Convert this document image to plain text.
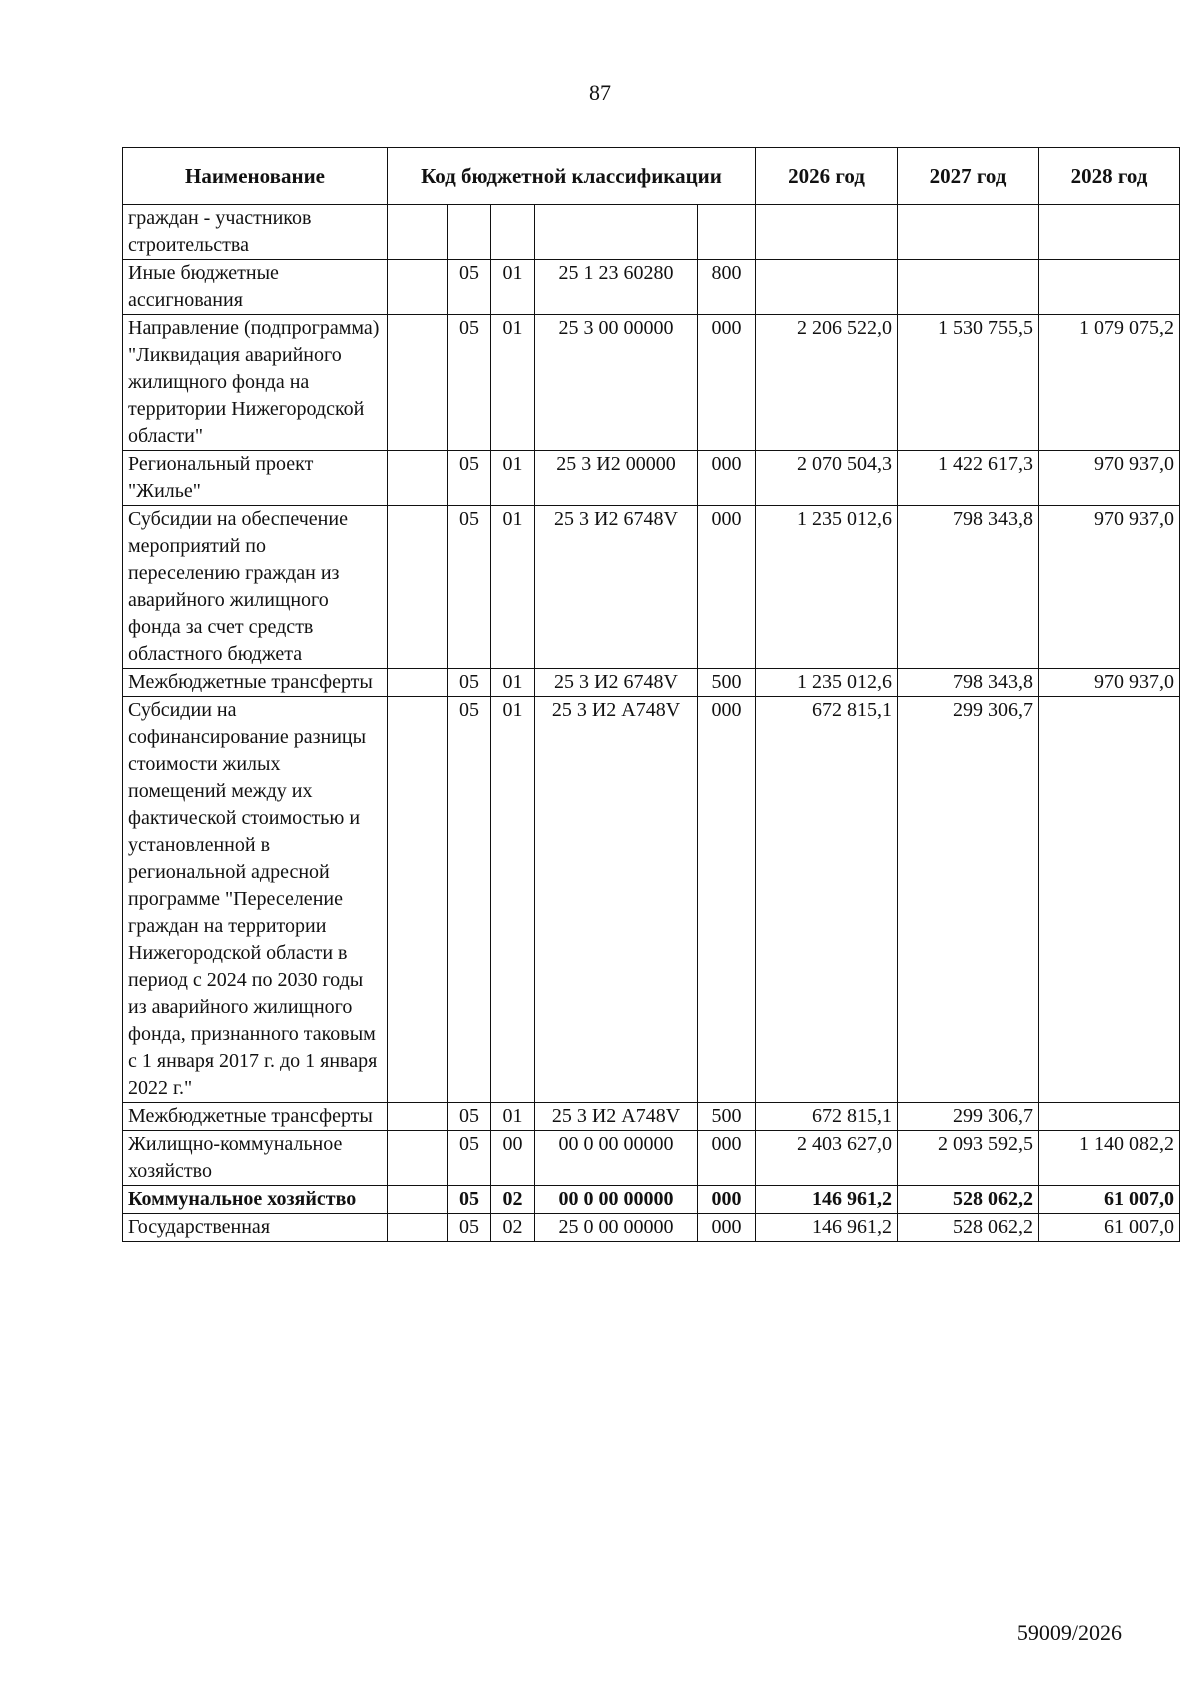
87
Наименование	Код бюджетной классификации					2026 год	2027 год	2028 год
граждан - участников строительства								
Иные бюджетные ассигнования		05	01	25 1 23 60280	800			
Направление (подпрограмма) "Ликвидация аварийного жилищного фонда на территории Нижегородской области"		05	01	25 3 00 00000	000	2 206 522,0	1 530 755,5	1 079 075,2
Региональный проект "Жилье"		05	01	25 3 И2 00000	000	2 070 504,3	1 422 617,3	970 937,0
Субсидии на обеспечение мероприятий по переселению граждан из аварийного жилищного фонда за счет средств областного бюджета		05	01	25 3 И2 6748V	000	1 235 012,6	798 343,8	970 937,0
Межбюджетные трансферты		05	01	25 3 И2 6748V	500	1 235 012,6	798 343,8	970 937,0
Субсидии на софинансирование разницы стоимости жилых помещений между их фактической стоимостью и установленной в региональной адресной программе "Переселение граждан на территории Нижегородской области в период с 2024 по 2030 годы из аварийного жилищного фонда, признанного таковым с 1 января 2017 г. до 1 января 2022 г."		05	01	25 3 И2 А748V	000	672 815,1	299 306,7	
Межбюджетные трансферты		05	01	25 3 И2 А748V	500	672 815,1	299 306,7	
Жилищно-коммунальное хозяйство		05	00	00 0 00 00000	000	2 403 627,0	2 093 592,5	1 140 082,2
Коммунальное хозяйство		05	02	00 0 00 00000	000	146 961,2	528 062,2	61 007,0
Государственная		05	02	25 0 00 00000	000	146 961,2	528 062,2	61 007,0
59009/2026
